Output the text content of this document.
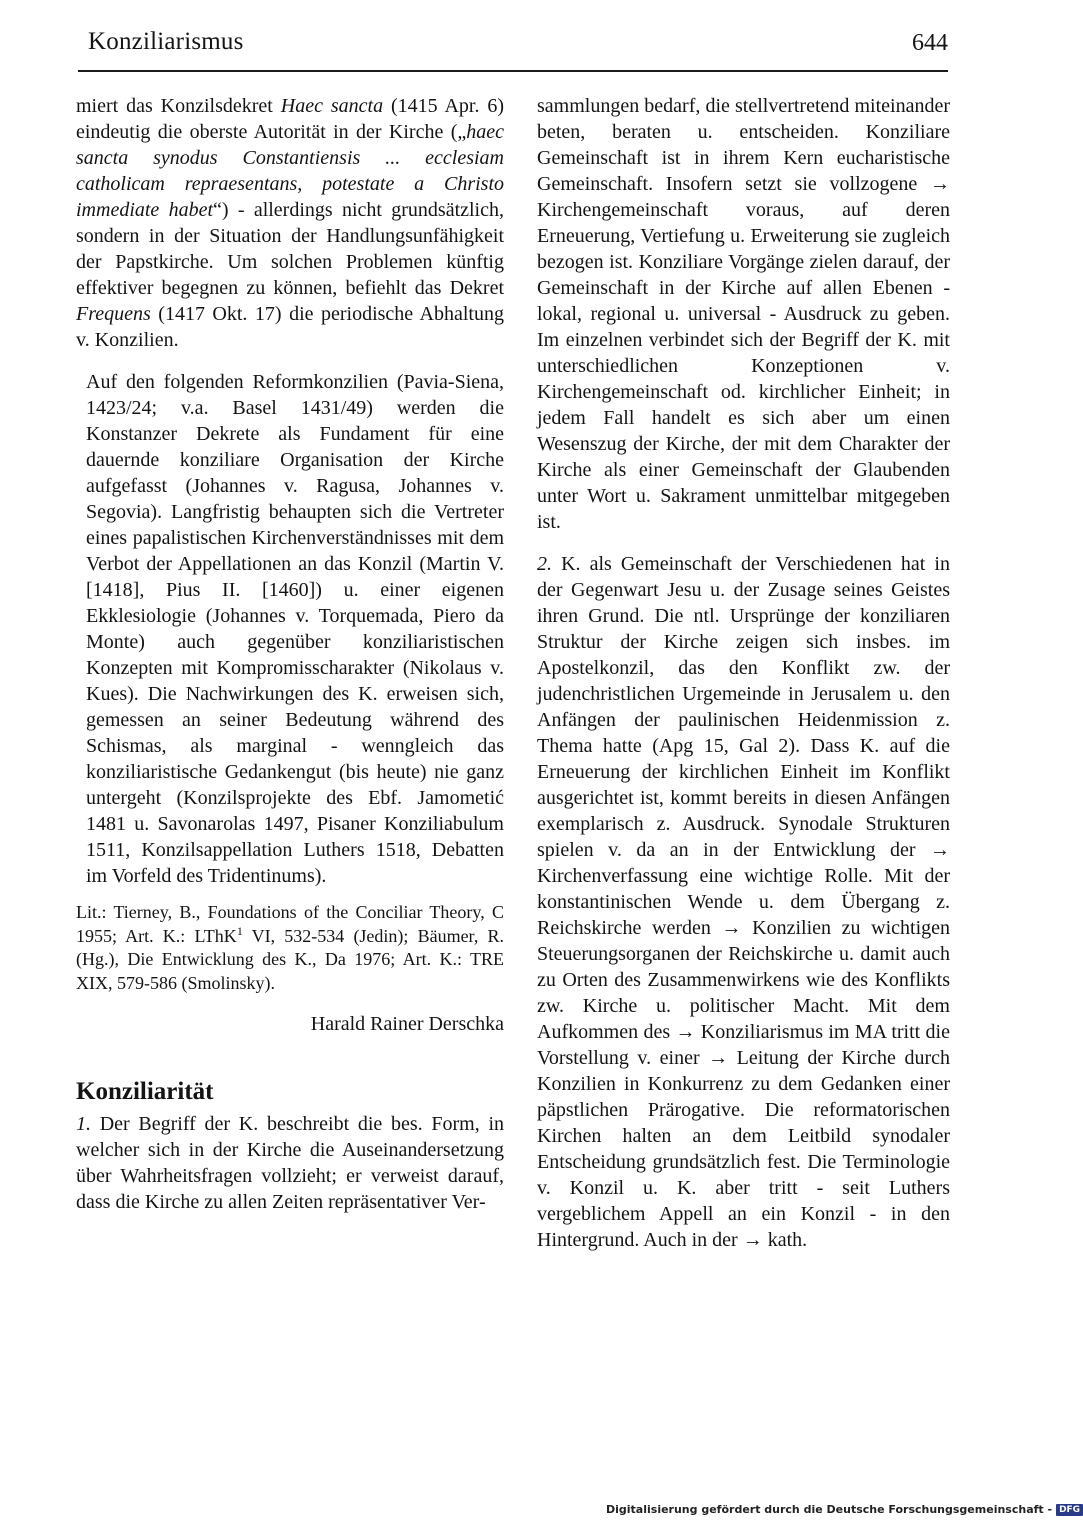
Konziliarismus	644

miert das Konzilsdekret Haec sancta (1415 Apr. 6) eindeutig die oberste Autorität in der Kirche („haec sancta synodus Constantiensis ... ecclesiam catholicam repraesentans, potestate a Christo immediate habet“) - allerdings nicht grundsätzlich, sondern in der Situation der Handlungsunfähigkeit der Papstkirche. Um solchen Problemen künftig effektiver begegnen zu können, befiehlt das Dekret Frequens (1417 Okt. 17) die periodische Abhaltung v. Konzilien.

Auf den folgenden Reformkonzilien (Pavia-Siena, 1423/24; v.a. Basel 1431/49) werden die Konstanzer Dekrete als Fundament für eine dauernde konziliare Organisation der Kirche aufgefasst (Johannes v. Ragusa, Johannes v. Segovia). Langfristig behaupten sich die Vertreter eines papalistischen Kirchenverständnisses mit dem Verbot der Appellationen an das Konzil (Martin V. [1418], Pius II. [1460]) u. einer eigenen Ekklesiologie (Johannes v. Torquemada, Piero da Monte) auch gegenüber konziliaristischen Konzepten mit Kompromisscharakter (Nikolaus v. Kues). Die Nachwirkungen des K. erweisen sich, gemessen an seiner Bedeutung während des Schismas, als marginal - wenngleich das konziliaristische Gedankengut (bis heute) nie ganz untergeht (Konzilsprojekte des Ebf. Jamometić 1481 u. Savonarolas 1497, Pisaner Konziliabulum 1511, Konzilsappellation Luthers 1518, Debatten im Vorfeld des Tridentinums).

Lit.: Tierney, B., Foundations of the Conciliar Theory, C 1955; Art. K.: LThK$^1$ VI, 532-534 (Jedin); Bäumer, R. (Hg.), Die Entwicklung des K., Da 1976; Art. K.: TRE XIX, 579-586 (Smolinsky).

Harald Rainer Derschka

Konziliarität

1. Der Begriff der K. beschreibt die bes. Form, in welcher sich in der Kirche die Auseinandersetzung über Wahrheitsfragen vollzieht; er verweist darauf, dass die Kirche zu allen Zeiten repräsentativer Ver-

sammlungen bedarf, die stellvertretend miteinander beten, beraten u. entscheiden. Konziliare Gemeinschaft ist in ihrem Kern eucharistische Gemeinschaft. Insofern setzt sie vollzogene → Kirchengemeinschaft voraus, auf deren Erneuerung, Vertiefung u. Erweiterung sie zugleich bezogen ist. Konziliare Vorgänge zielen darauf, der Gemeinschaft in der Kirche auf allen Ebenen - lokal, regional u. universal - Ausdruck zu geben. Im einzelnen verbindet sich der Begriff der K. mit unterschiedlichen Konzeptionen v. Kirchengemeinschaft od. kirchlicher Einheit; in jedem Fall handelt es sich aber um einen Wesenszug der Kirche, der mit dem Charakter der Kirche als einer Gemeinschaft der Glaubenden unter Wort u. Sakrament unmittelbar mitgegeben ist.

2. K. als Gemeinschaft der Verschiedenen hat in der Gegenwart Jesu u. der Zusage seines Geistes ihren Grund. Die ntl. Ursprünge der konziliaren Struktur der Kirche zeigen sich insbes. im Apostelkonzil, das den Konflikt zw. der judenchristlichen Urgemeinde in Jerusalem u. den Anfängen der paulinischen Heidenmission z. Thema hatte (Apg 15, Gal 2). Dass K. auf die Erneuerung der kirchlichen Einheit im Konflikt ausgerichtet ist, kommt bereits in diesen Anfängen exemplarisch z. Ausdruck. Synodale Strukturen spielen v. da an in der Entwicklung der → Kirchenverfassung eine wichtige Rolle. Mit der konstantinischen Wende u. dem Übergang z. Reichskirche werden → Konzilien zu wichtigen Steuerungsorganen der Reichskirche u. damit auch zu Orten des Zusammenwirkens wie des Konflikts zw. Kirche u. politischer Macht. Mit dem Aufkommen des → Konziliarismus im MA tritt die Vorstellung v. einer → Leitung der Kirche durch Konzilien in Konkurrenz zu dem Gedanken einer päpstlichen Prärogative. Die reformatorischen Kirchen halten an dem Leitbild synodaler Entscheidung grundsätzlich fest. Die Terminologie v. Konzil u. K. aber tritt - seit Luthers vergeblichem Appell an ein Konzil - in den Hintergrund. Auch in der → kath.

Digitalisierung gefördert durch die Deutsche Forschungsgemeinschaft - DFG
